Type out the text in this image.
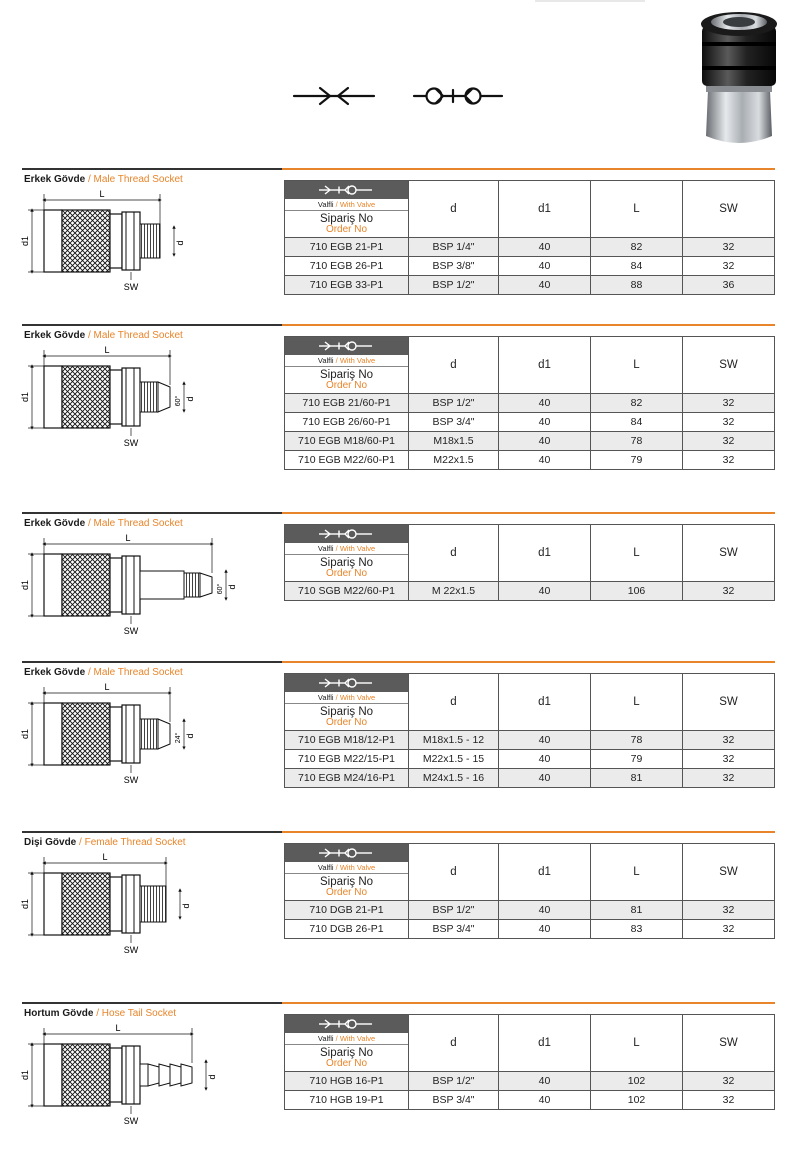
Erkek Gövde / Male Thread Socket
L
d1	d
SW
Valfli / With Valve
Sipariş No
Order No	d	d1	L	SW
710 EGB 21-P1	BSP 1/4"	40	82	32
710 EGB 26-P1	BSP 3/8"	40	84	32
710 EGB 33-P1	BSP 1/2"	40	88	36
Erkek Gövde / Male Thread Socket
L
d1	d
60°
SW
Valfli / With Valve
Sipariş No
Order No	d	d1	L	SW
710 EGB 21/60-P1	BSP 1/2"	40	82	32
710 EGB 26/60-P1	BSP 3/4"	40	84	32
710 EGB M18/60-P1	M18x1.5	40	78	32
710 EGB M22/60-P1	M22x1.5	40	79	32
Erkek Gövde / Male Thread Socket
L
d1	d
60°
SW
Valfli / With Valve
Sipariş No
Order No	d	d1	L	SW
710 SGB M22/60-P1	M 22x1.5	40	106	32
Erkek Gövde / Male Thread Socket
L
d1	d
24°
SW
Valfli / With Valve
Sipariş No
Order No	d	d1	L	SW
710 EGB M18/12-P1	M18x1.5 - 12	40	78	32
710 EGB M22/15-P1	M22x1.5 - 15	40	79	32
710 EGB M24/16-P1	M24x1.5 - 16	40	81	32
Dişi Gövde / Female Thread Socket
L
d1	d
SW
Valfli / With Valve
Sipariş No
Order No	d	d1	L	SW
710 DGB 21-P1	BSP 1/2"	40	81	32
710 DGB 26-P1	BSP 3/4"	40	83	32
Hortum Gövde / Hose Tail Socket
L
d1	d
SW
Valfli / With Valve
Sipariş No
Order No	d	d1	L	SW
710 HGB 16-P1	BSP 1/2"	40	102	32
710 HGB 19-P1	BSP 3/4"	40	102	32
